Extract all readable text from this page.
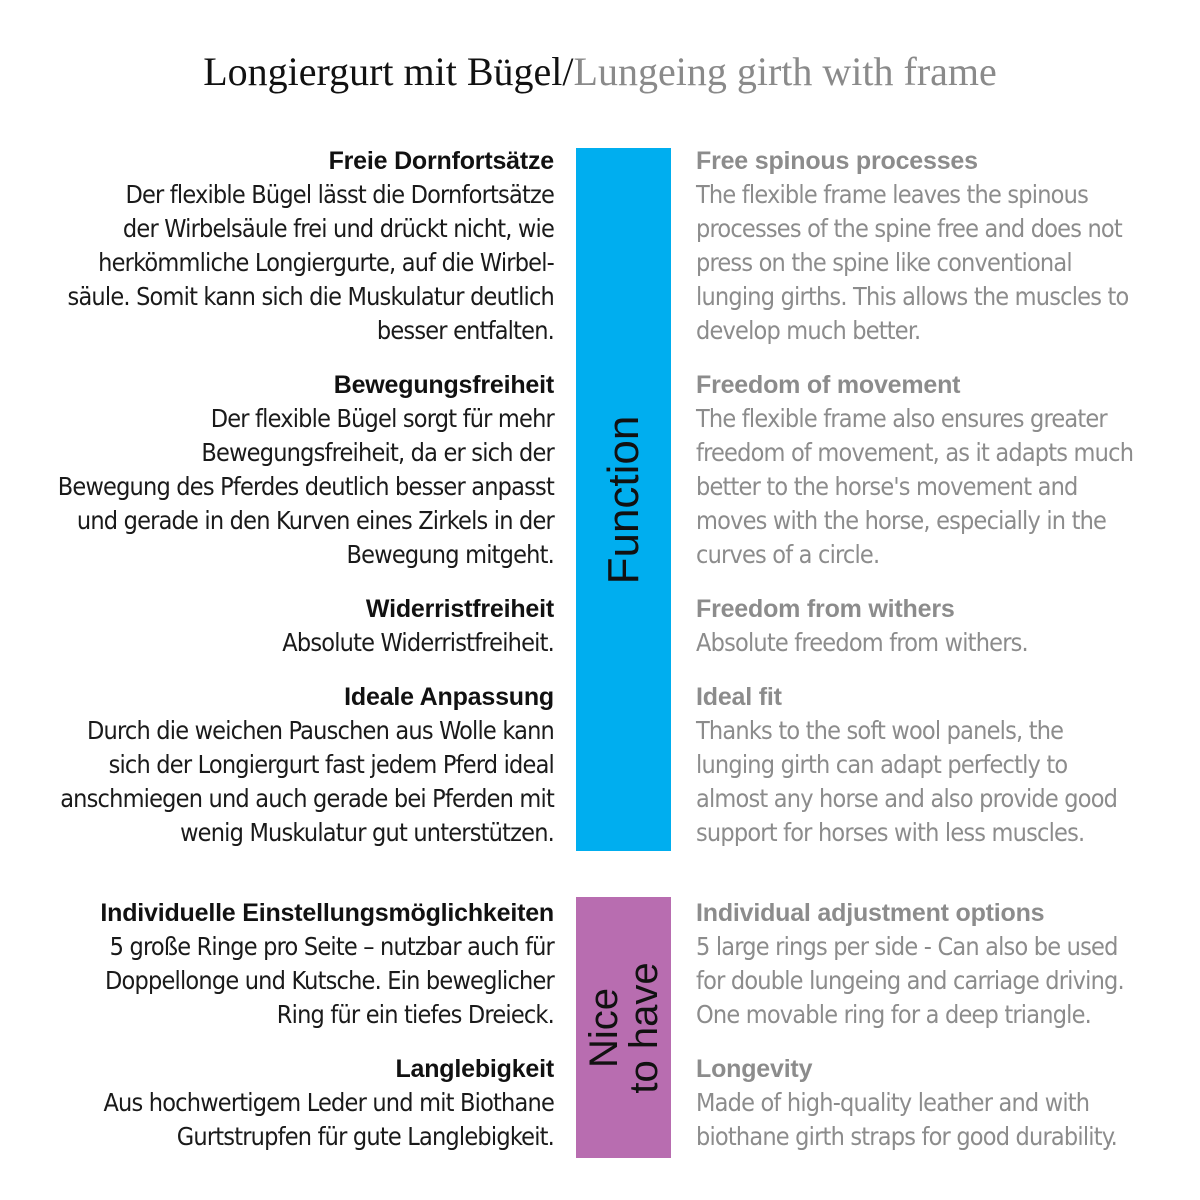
Longiergurt mit Bügel/Lungeing girth with frame
Function
Nice
to have
Freie Dornfortsätze
Der flexible Bügel lässt die Dornfortsätze
der Wirbelsäule frei und drückt nicht, wie
herkömmliche Longiergurte, auf die Wirbel-
säule. Somit kann sich die Muskulatur deutlich
besser entfalten.
Bewegungsfreiheit
Der flexible Bügel sorgt für mehr
Bewegungsfreiheit, da er sich der
Bewegung des Pferdes deutlich besser anpasst
und gerade in den Kurven eines Zirkels in der
Bewegung mitgeht.
Widerristfreiheit
Absolute Widerristfreiheit.
Ideale Anpassung
Durch die weichen Pauschen aus Wolle kann
sich der Longiergurt fast jedem Pferd ideal
anschmiegen und auch gerade bei Pferden mit
wenig Muskulatur gut unterstützen.
Individuelle Einstellungsmöglichkeiten
5 große Ringe pro Seite – nutzbar auch für
Doppellonge und Kutsche. Ein beweglicher
Ring für ein tiefes Dreieck.
Langlebigkeit
Aus hochwertigem Leder und mit Biothane
Gurtstrupfen für gute Langlebigkeit.
Free spinous processes
The flexible frame leaves the spinous
processes of the spine free and does not
press on the spine like conventional
lunging girths. This allows the muscles to
develop much better.
Freedom of movement
The flexible frame also ensures greater
freedom of movement, as it adapts much
better to the horse's movement and
moves with the horse, especially in the
curves of a circle.
Freedom from withers
Absolute freedom from withers.
Ideal fit
Thanks to the soft wool panels, the
lunging girth can adapt perfectly to
almost any horse and also provide good
support for horses with less muscles.
Individual adjustment options
5 large rings per side - Can also be used
for double lungeing and carriage driving.
One movable ring for a deep triangle.
Longevity
Made of high-quality leather and with
biothane girth straps for good durability.
